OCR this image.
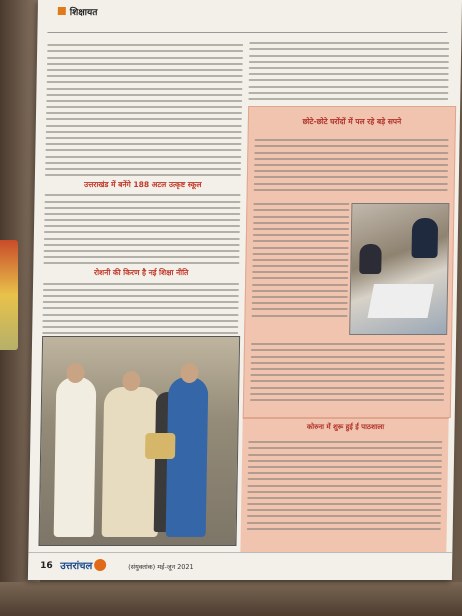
शिक्षायत
उत्तराखंड में बनेंगे 188 अटल उत्कृष्ट स्कूल
रोशनी की किरण है नई शिक्षा नीति
छोटे-छोटे घरोंदों में पल रहे बड़े सपने
कोरुना में शुरू हुई ई पाठशाला
16 उत्तरांचल	(संयुक्तांक) मई-जून 2021
